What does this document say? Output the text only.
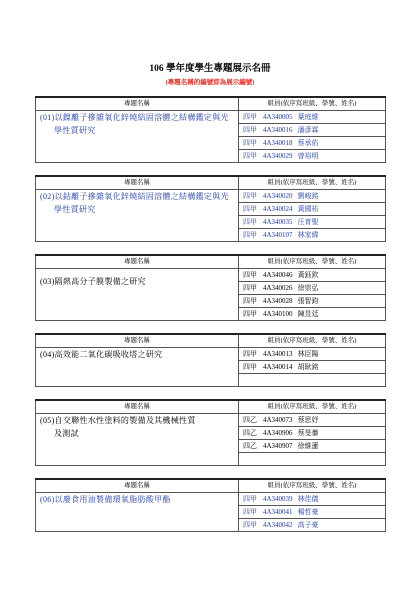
106 學年度學生專題展示名冊
(專題名稱的編號即為展示編號)
專題名稱	組員(依序寫班級、學號、姓名)

(01)以鎳離子摻雜氧化鋅燒結固溶體之結構鑑定與光
學性質研究	四甲 4A340005 葉庭維
	四甲 4A340016 潘彥霖
	四甲 4A340018 蔡承佑
	四甲 4A340029 曾裕明
專題名稱	組員(依序寫班級、學號、姓名)

(02)以鈷離子摻雜氧化鋅燒結固溶體之結構鑑定與光
學性質研究	四甲 4A340020 劉峻銘
	四甲 4A340024 黃國祐
	四甲 4A340035 汪育聖
	四甲 4A340107 林家緯
專題名稱	組員(依序寫班級、學號、姓名)

(03)隔熱高分子膜製備之研究	四甲 4A340046 黃鈺欽
	四甲 4A340026 徐崇弘
	四甲 4A340028 張智鈞
	四甲 4A340100 陳昱廷
專題名稱	組員(依序寫班級、學號、姓名)

(04)高效能二氧化碳吸收塔之研究	四甲 4A340013 林臣陽
	四甲 4A340014 胡耿銘

專題名稱	組員(依序寫班級、學號、姓名)

(05)自交聯性水性塗料的製備及其機械性質
及測試	四乙 4A340073 蔡思妤
	四乙 4A340906 蔡旻蓁
	四乙 4A340907 徐維蓮

專題名稱	組員(依序寫班級、學號、姓名)

(06)以廢食用油製備環氧脂肪酸甲酯	四甲 4A340039 林佳儀
	四甲 4A340041 楊哲豪
	四甲 4A340042 高子豪
